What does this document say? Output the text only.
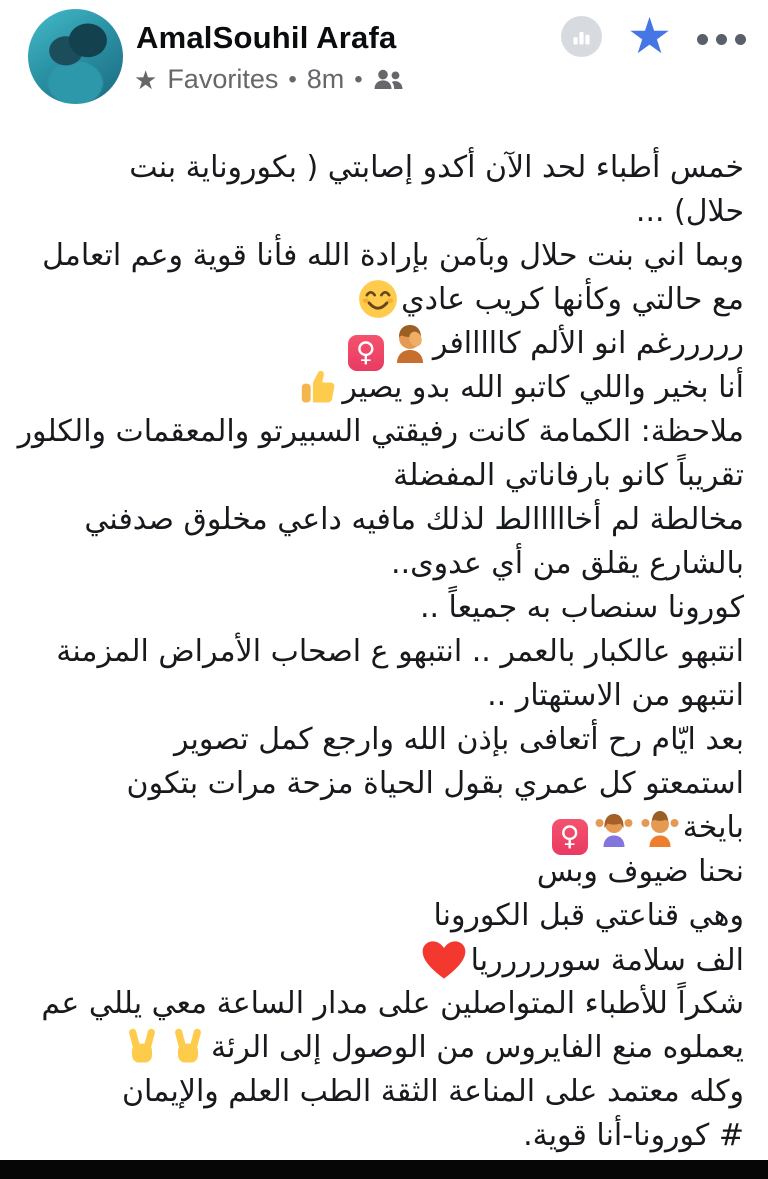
AmalSouhil Arafa
★ Favorites • 8m •
★
خمس أطباء لحد الآن أكدو إصابتي ( بكوروناية بنت
حلال) ...
وبما اني بنت حلال وبآمن بإرادة الله فأنا قوية وعم اتعامل
مع حالتي وكأنها كريب عادي
رررررغم انو الألم كااااافر
♀
أنا بخير واللي كاتبو الله بدو يصير
ملاحظة: الكمامة كانت رفيقتي السبيرتو والمعقمات والكلور
تقريباً كانو بارفاناتي المفضلة
مخالطة لم أخااااالط لذلك مافيه داعي مخلوق صدفني
بالشارع يقلق من أي عدوى..
كورونا سنصاب به جميعاً ..
انتبهو عالكبار بالعمر .. انتبهو ع اصحاب الأمراض المزمنة
انتبهو من الاستهتار ..
بعد ايّام رح أتعافى بإذن الله وارجع كمل تصوير
استمعتو كل عمري بقول الحياة مزحة مرات بتكون
بايخة
♀
نحنا ضيوف وبس
وهي قناعتي قبل الكورونا
الف سلامة سوررررريا
شكراً للأطباء المتواصلين على مدار الساعة معي يللي عم
يعملوه منع الفايروس من الوصول إلى الرئة
وكله معتمد على المناعة الثقة الطب العلم والإيمان
# كورونا-أنا قوية.
